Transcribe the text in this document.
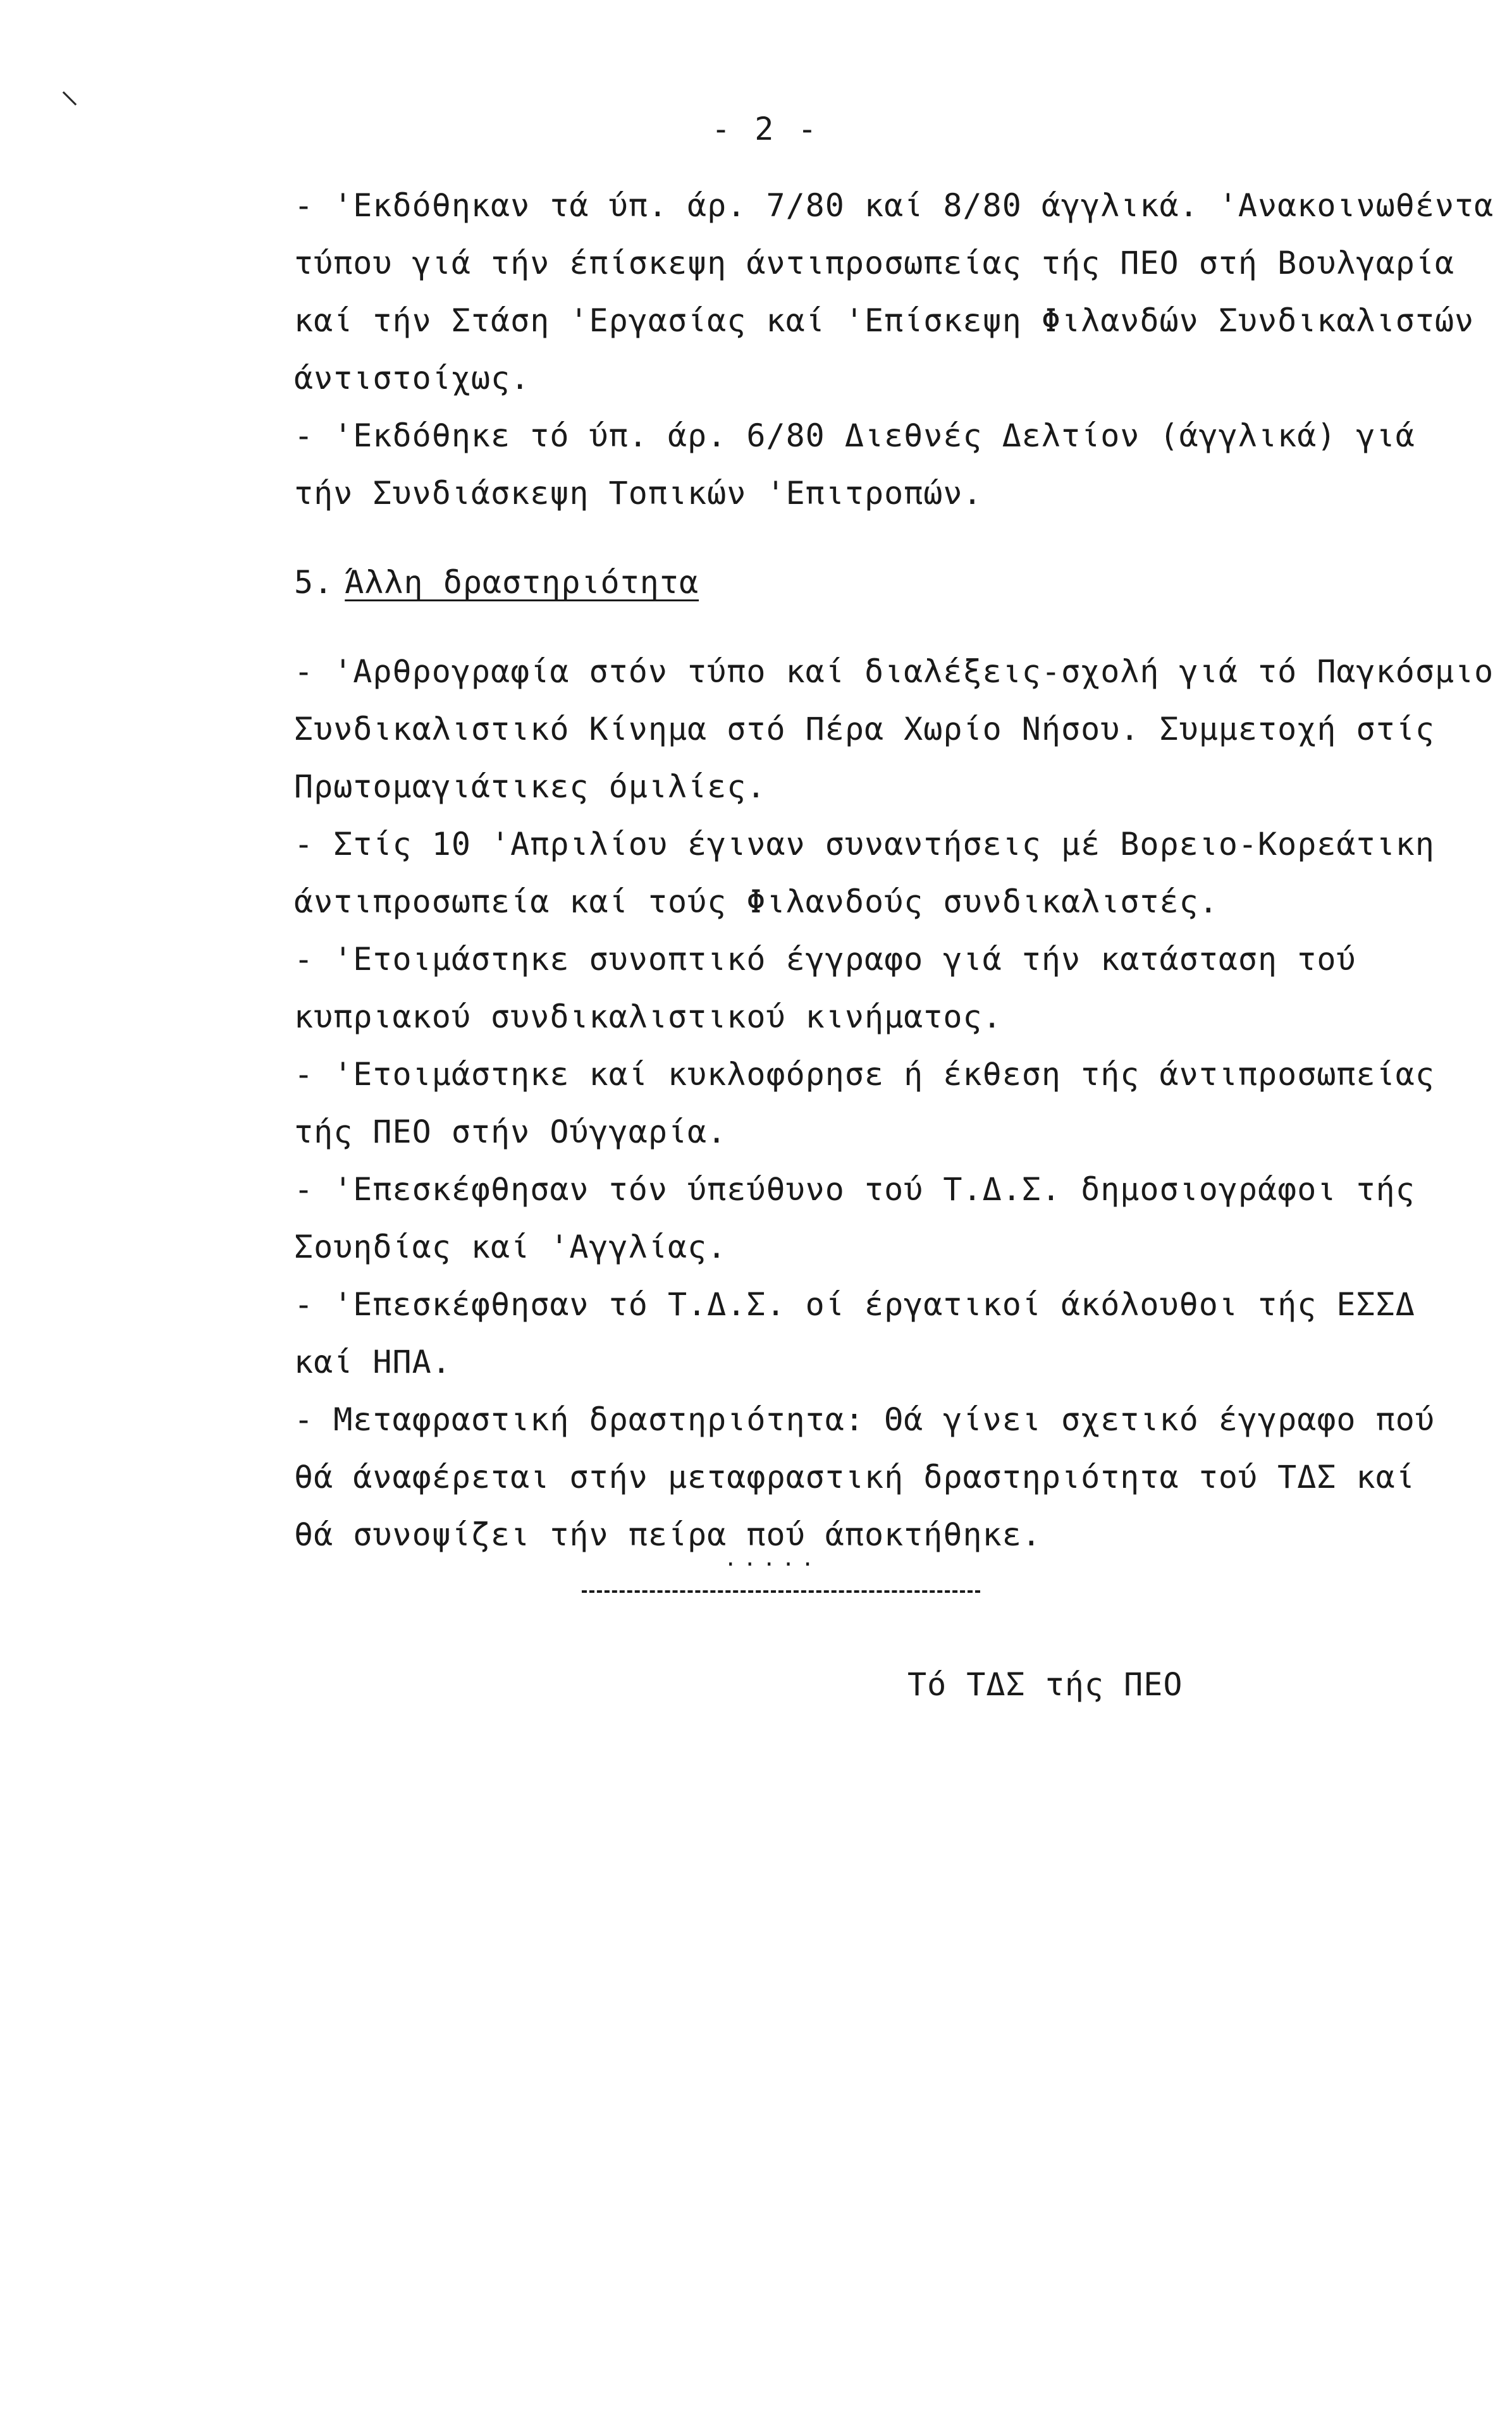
⸜
- 2 -
- 'Εκδόθηκαν τά ύπ. άρ. 7/80 καί 8/80 άγγλικά. 'Ανακοινωθέντα
τύπου γιά τήν έπίσκεψη άντιπροσωπείας τής ΠΕΟ στή Βουλγαρία
καί τήν Στάση 'Εργασίας καί 'Επίσκεψη Φιλανδών Συνδικαλιστών
άντιστοίχως.
- 'Εκδόθηκε τό ύπ. άρ. 6/80 Διεθνές Δελτίον (άγγλικά) γιά
τήν Συνδιάσκεψη Τοπικών 'Επιτροπών.
5. Άλλη δραστηριότητα
- 'Αρθρογραφία στόν τύπο καί διαλέξεις-σχολή γιά τό Παγκόσμιο
Συνδικαλιστικό Κίνημα στό Πέρα Χωρίο Νήσου. Συμμετοχή στίς
Πρωτομαγιάτικες όμιλίες.
- Στίς 10 'Απριλίου έγιναν συναντήσεις μέ Βορειο-Κορεάτικη
άντιπροσωπεία καί τούς Φιλανδούς συνδικαλιστές.
- 'Ετοιμάστηκε συνοπτικό έγγραφο γιά τήν κατάσταση τού
κυπριακού συνδικαλιστικού κινήματος.
- 'Ετοιμάστηκε καί κυκλοφόρησε ή έκθεση τής άντιπροσωπείας
τής ΠΕΟ στήν Ούγγαρία.
- 'Επεσκέφθησαν τόν ύπεύθυνο τού Τ.Δ.Σ. δημοσιογράφοι τής
Σουηδίας καί 'Αγγλίας.
- 'Επεσκέφθησαν τό Τ.Δ.Σ. οί έργατικοί άκόλουθοι τής ΕΣΣΔ
καί ΗΠΑ.
- Μεταφραστική δραστηριότητα: Θά γίνει σχετικό έγγραφο πού
θά άναφέρεται στήν μεταφραστική δραστηριότητα τού ΤΔΣ καί
θά συνοψίζει τήν πείρα πού άποκτήθηκε.
.....
Τό ΤΔΣ τής ΠΕΟ
